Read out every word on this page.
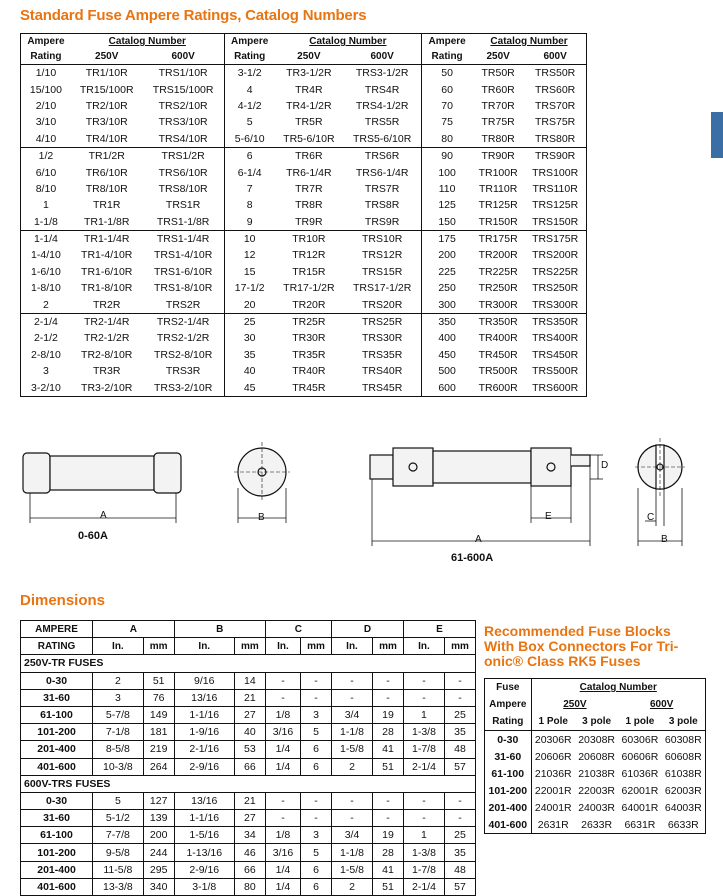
Standard Fuse Ampere Ratings, Catalog Numbers
Ampere	Catalog Number		Ampere	Catalog Number		Ampere	Catalog Number	
Rating	250V	600V	Rating	250V	600V	Rating	250V	600V
1/10	TR1/10R	TRS1/10R	3-1/2	TR3-1/2R	TRS3-1/2R	50	TR50R	TRS50R
15/100	TR15/100R	TRS15/100R	4	TR4R	TRS4R	60	TR60R	TRS60R
2/10	TR2/10R	TRS2/10R	4-1/2	TR4-1/2R	TRS4-1/2R	70	TR70R	TRS70R
3/10	TR3/10R	TRS3/10R	5	TR5R	TRS5R	75	TR75R	TRS75R
4/10	TR4/10R	TRS4/10R	5-6/10	TR5-6/10R	TRS5-6/10R	80	TR80R	TRS80R
1/2	TR1/2R	TRS1/2R	6	TR6R	TRS6R	90	TR90R	TRS90R
6/10	TR6/10R	TRS6/10R	6-1/4	TR6-1/4R	TRS6-1/4R	100	TR100R	TRS100R
8/10	TR8/10R	TRS8/10R	7	TR7R	TRS7R	110	TR110R	TRS110R
1	TR1R	TRS1R	8	TR8R	TRS8R	125	TR125R	TRS125R
1-1/8	TR1-1/8R	TRS1-1/8R	9	TR9R	TRS9R	150	TR150R	TRS150R
1-1/4	TR1-1/4R	TRS1-1/4R	10	TR10R	TRS10R	175	TR175R	TRS175R
1-4/10	TR1-4/10R	TRS1-4/10R	12	TR12R	TRS12R	200	TR200R	TRS200R
1-6/10	TR1-6/10R	TRS1-6/10R	15	TR15R	TRS15R	225	TR225R	TRS225R
1-8/10	TR1-8/10R	TRS1-8/10R	17-1/2	TR17-1/2R	TRS17-1/2R	250	TR250R	TRS250R
2	TR2R	TRS2R	20	TR20R	TRS20R	300	TR300R	TRS300R
2-1/4	TR2-1/4R	TRS2-1/4R	25	TR25R	TRS25R	350	TR350R	TRS350R
2-1/2	TR2-1/2R	TRS2-1/2R	30	TR30R	TRS30R	400	TR400R	TRS400R
2-8/10	TR2-8/10R	TRS2-8/10R	35	TR35R	TRS35R	450	TR450R	TRS450R
3	TR3R	TRS3R	40	TR40R	TRS40R	500	TR500R	TRS500R
3-2/10	TR3-2/10R	TRS3-2/10R	45	TR45R	TRS45R	600	TR600R	TRS600R
A
0-60A
B
A
61-600A
E
D
C
B
Dimensions
AMPERE	A		B		C		D		E	
RATING	In.	mm	In.	mm	In.	mm	In.	mm	In.	mm
250V-TR FUSES										
0-30	2	51	9/16	14	-	-	-	-	-	-
31-60	3	76	13/16	21	-	-	-	-	-	-
61-100	5-7/8	149	1-1/16	27	1/8	3	3/4	19	1	25
101-200	7-1/8	181	1-9/16	40	3/16	5	1-1/8	28	1-3/8	35
201-400	8-5/8	219	2-1/16	53	1/4	6	1-5/8	41	1-7/8	48
401-600	10-3/8	264	2-9/16	66	1/4	6	2	51	2-1/4	57
600V-TRS FUSES										
0-30	5	127	13/16	21	-	-	-	-	-	-
31-60	5-1/2	139	1-1/16	27	-	-	-	-	-	-
61-100	7-7/8	200	1-5/16	34	1/8	3	3/4	19	1	25
101-200	9-5/8	244	1-13/16	46	3/16	5	1-1/8	28	1-3/8	35
201-400	11-5/8	295	2-9/16	66	1/4	6	1-5/8	41	1-7/8	48
401-600	13-3/8	340	3-1/8	80	1/4	6	2	51	2-1/4	57
Recommended Fuse Blocks With Box Connectors For Tri-onic® Class RK5 Fuses
Fuse	Catalog Number			
Ampere	250V		600V	
Rating	1 Pole	3 pole	1 pole	3 pole
0-30	20306R	20308R	60306R	60308R
31-60	20606R	20608R	60606R	60608R
61-100	21036R	21038R	61036R	61038R
101-200	22001R	22003R	62001R	62003R
201-400	24001R	24003R	64001R	64003R
401-600	2631R	2633R	6631R	6633R
